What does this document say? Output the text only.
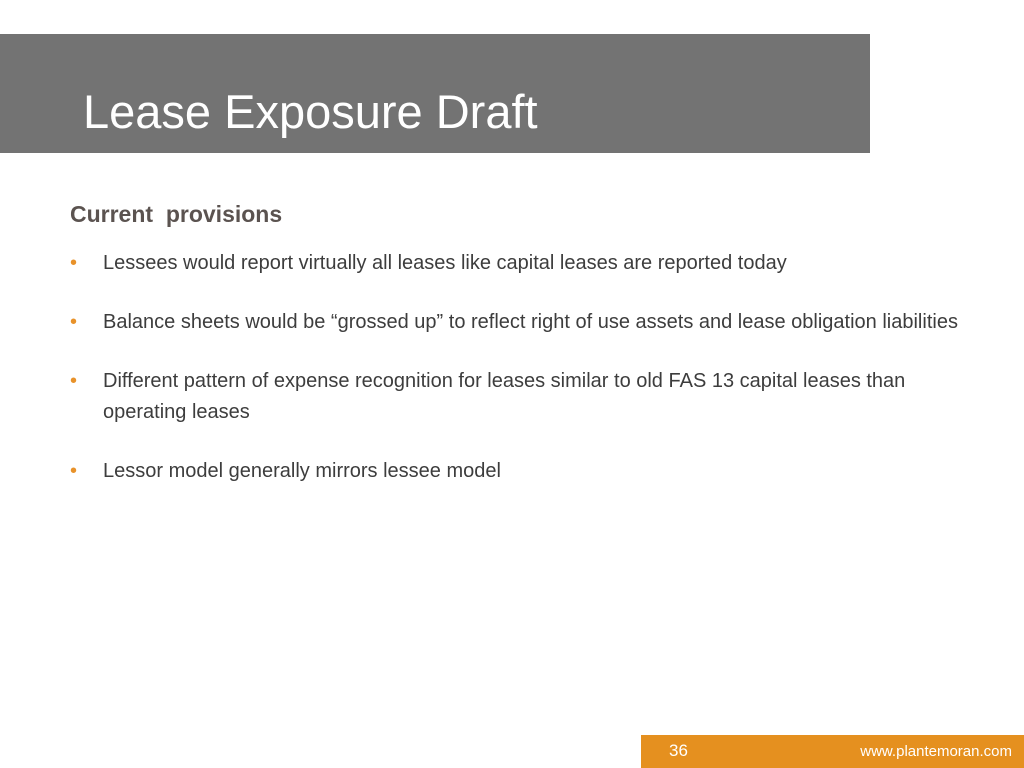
Lease Exposure Draft
Current  provisions
• Lessees would report virtually all leases like capital leases are reported today
• Balance sheets would be “grossed up” to reflect right of use assets and lease obligation liabilities
• Different pattern of expense recognition for leases similar to old FAS 13 capital leases than operating leases
• Lessor model generally mirrors lessee model
36	www.plantemoran.com
